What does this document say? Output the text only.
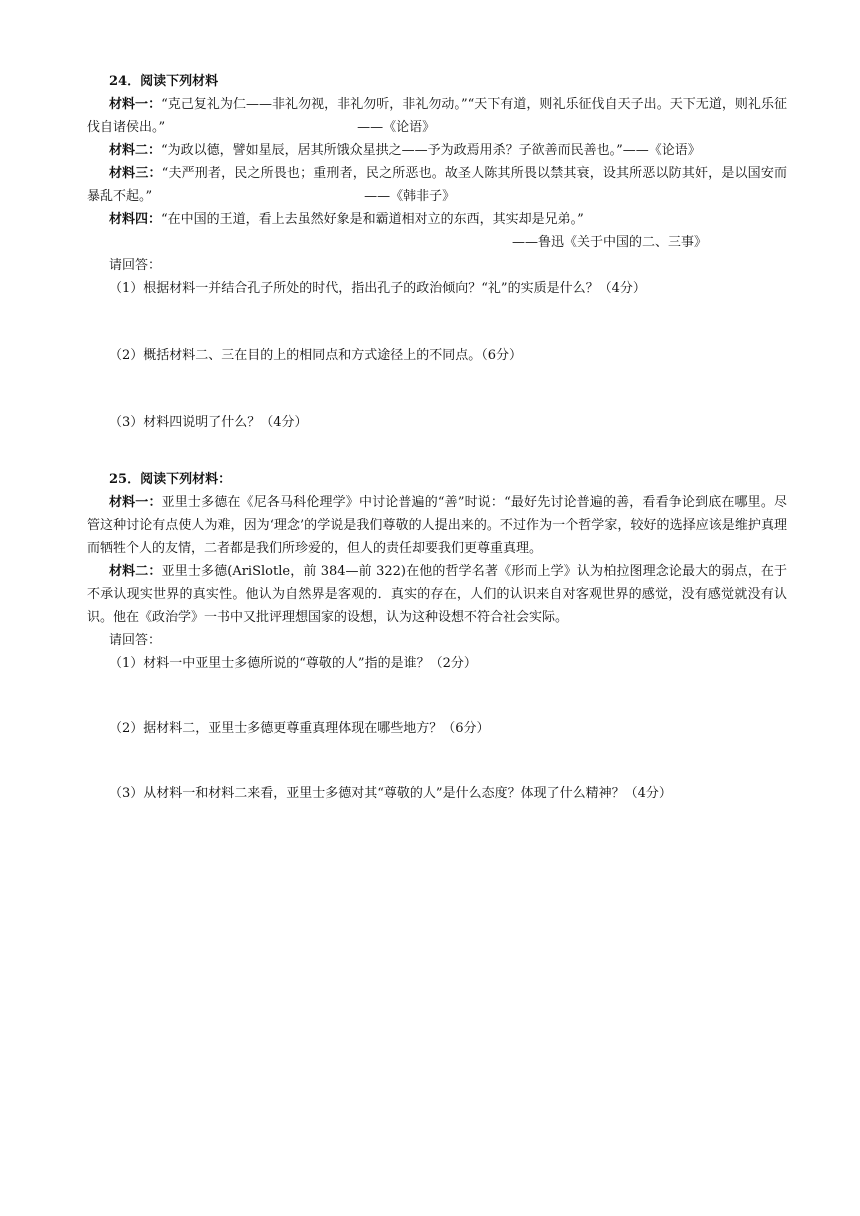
24．阅读下列材料

材料一：“克己复礼为仁——非礼勿视，非礼勿听，非礼勿动。”“天下有道，则礼乐征伐自天子出。天下无道，则礼乐征伐自诸侯出。”	——《论语》

材料二：“为政以德，譬如星辰，居其所饿众星拱之——予为政焉用杀？子欲善而民善也。”——《论语》

材料三：“夫严刑者，民之所畏也；重刑者，民之所恶也。故圣人陈其所畏以禁其衰，设其所恶以防其奸，是以国安而暴乱不起。”	——《韩非子》

材料四：“在中国的王道，看上去虽然好象是和霸道相对立的东西，其实却是兄弟。”

——鲁迅《关于中国的二、三事》

请回答：

（1）根据材料一并结合孔子所处的时代，指出孔子的政治倾向？“礼”的实质是什么？（4分）

（2）概括材料二、三在目的上的相同点和方式途径上的不同点。（6分）

（3）材料四说明了什么？（4分）

25．阅读下列材料：

材料一：亚里士多德在《尼各马科伦理学》中讨论普遍的“善”时说：“最好先讨论普遍的善，看看争论到底在哪里。尽管这种讨论有点使人为难，因为‘理念’的学说是我们尊敬的人提出来的。不过作为一个哲学家，较好的选择应该是维护真理而牺牲个人的友情，二者都是我们所珍爱的，但人的责任却要我们更尊重真理。

材料二：亚里士多德(AriSlotle，前 384—前 322)在他的哲学名著《形而上学》认为柏拉图理念论最大的弱点，在于不承认现实世界的真实性。他认为自然界是客观的．真实的存在，人们的认识来自对客观世界的感觉，没有感觉就没有认识。他在《政治学》一书中又批评理想国家的设想，认为这种设想不符合社会实际。

请回答：

（1）材料一中亚里士多德所说的“尊敬的人”指的是谁？（2分）

（2）据材料二，亚里士多德更尊重真理体现在哪些地方？（6分）

（3）从材料一和材料二来看，亚里士多德对其“尊敬的人”是什么态度？体现了什么精神？（4分）
